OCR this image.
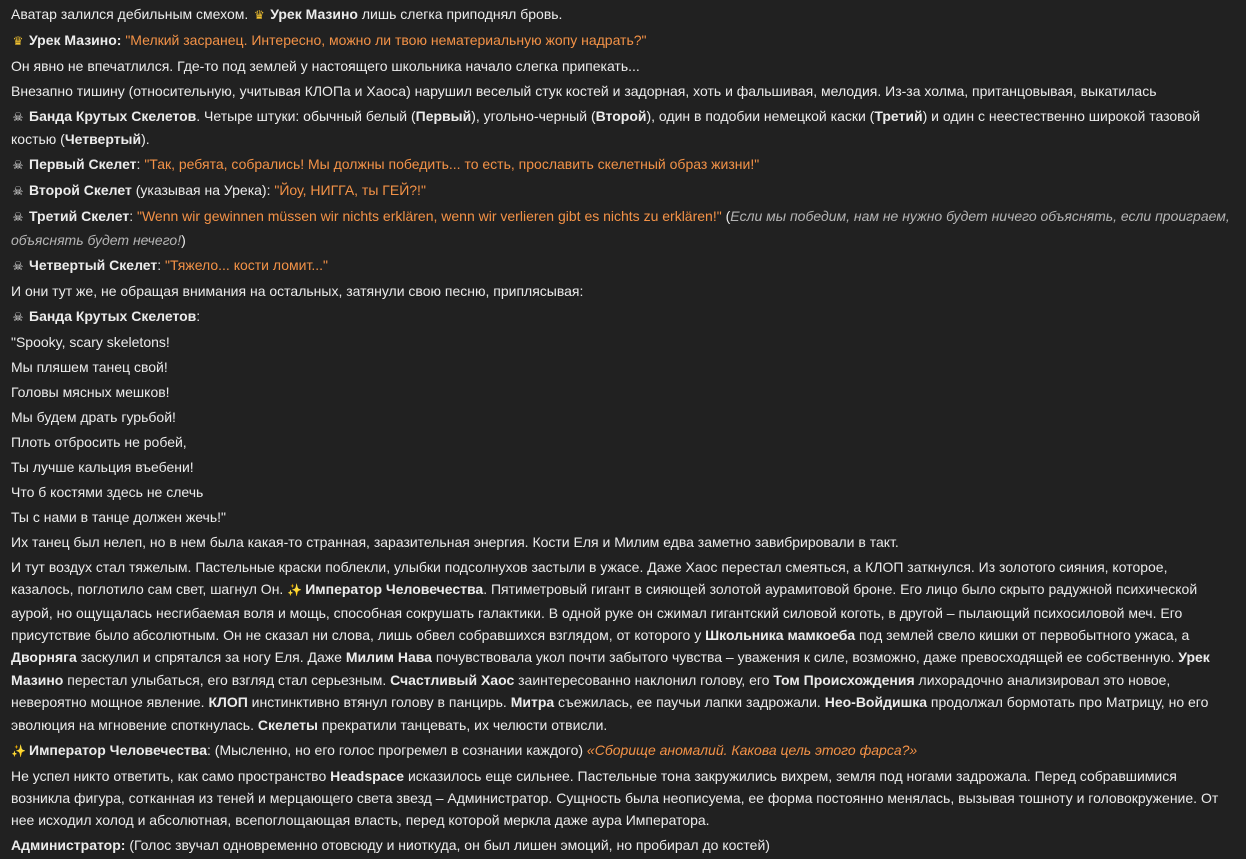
Аватар залился дебильным смехом. ♛ Урек Мазино лишь слегка приподнял бровь.
♛ Урек Мазино: "Мелкий засранец. Интересно, можно ли твою нематериальную жопу надрать?"
Он явно не впечатлился. Где-то под землей у настоящего школьника начало слегка припекать...
Внезапно тишину (относительную, учитывая КЛОПа и Хаоса) нарушил веселый стук костей и задорная, хоть и фальшивая, мелодия. Из-за холма, пританцовывая, выкатилась
☠ Банда Крутых Скелетов. Четыре штуки: обычный белый (Первый), угольно-черный (Второй), один в подобии немецкой каски (Третий) и один с неестественно широкой тазовой костью (Четвертый).
☠ Первый Скелет: "Так, ребята, собрались! Мы должны победить... то есть, прославить скелетный образ жизни!"
☠ Второй Скелет (указывая на Урека): "Йоу, НИГГА, ты ГЕЙ?!"
☠ Третий Скелет: "Wenn wir gewinnen müssen wir nichts erklären, wenn wir verlieren gibt es nichts zu erklären!" (Если мы победим, нам не нужно будет ничего объяснять, если проиграем, объяснять будет нечего!)
☠ Четвертый Скелет: "Тяжело... кости ломит..."
И они тут же, не обращая внимания на остальных, затянули свою песню, приплясывая:
☠ Банда Крутых Скелетов:
"Spooky, scary skeletons!
Мы пляшем танец свой!
Головы мясных мешков!
Мы будем драть гурьбой!
Плоть отбросить не робей,
Ты лучше кальция въебени!
Что б костями здесь не слечь
Ты с нами в танце должен жечь!"
Их танец был нелеп, но в нем была какая-то странная, заразительная энергия. Кости Еля и Милим едва заметно завибрировали в такт.
И тут воздух стал тяжелым. Пастельные краски поблекли, улыбки подсолнухов застыли в ужасе. Даже Хаос перестал смеяться, а КЛОП заткнулся. Из золотого сияния, которое, казалось, поглотило сам свет, шагнул Он. ✨ Император Человечества. Пятиметровый гигант в сияющей золотой аурамитовой броне. Его лицо было скрыто радужной психической аурой, но ощущалась несгибаемая воля и мощь, способная сокрушать галактики. В одной руке он сжимал гигантский силовой коготь, в другой – пылающий психосиловой меч. Его присутствие было абсолютным. Он не сказал ни слова, лишь обвел собравшихся взглядом, от которого у Школьника мамкоеба под землей свело кишки от первобытного ужаса, а Дворняга заскулил и спрятался за ногу Еля. Даже Милим Нава почувствовала укол почти забытого чувства – уважения к силе, возможно, даже превосходящей ее собственную. Урек Мазино перестал улыбаться, его взгляд стал серьезным. Счастливый Хаос заинтересованно наклонил голову, его Том Происхождения лихорадочно анализировал это новое, невероятно мощное явление. КЛОП инстинктивно втянул голову в панцирь. Митра съежилась, ее паучьи лапки задрожали. Нео-Войдишка продолжал бормотать про Матрицу, но его эволюция на мгновение споткнулась. Скелеты прекратили танцевать, их челюсти отвисли.
✨ Император Человечества: (Мысленно, но его голос прогремел в сознании каждого) «Сборище аномалий. Какова цель этого фарса?»
Не успел никто ответить, как само пространство Headspace исказилось еще сильнее. Пастельные тона закружились вихрем, земля под ногами задрожала. Перед собравшимися возникла фигура, сотканная из теней и мерцающего света звезд – Администратор. Сущность была неописуема, ее форма постоянно менялась, вызывая тошноту и головокружение. От нее исходил холод и абсолютная, всепоглощающая власть, перед которой меркла даже аура Императора.
Администратор: (Голос звучал одновременно отовсюду и ниоткуда, он был лишен эмоций, но пробирал до костей)
